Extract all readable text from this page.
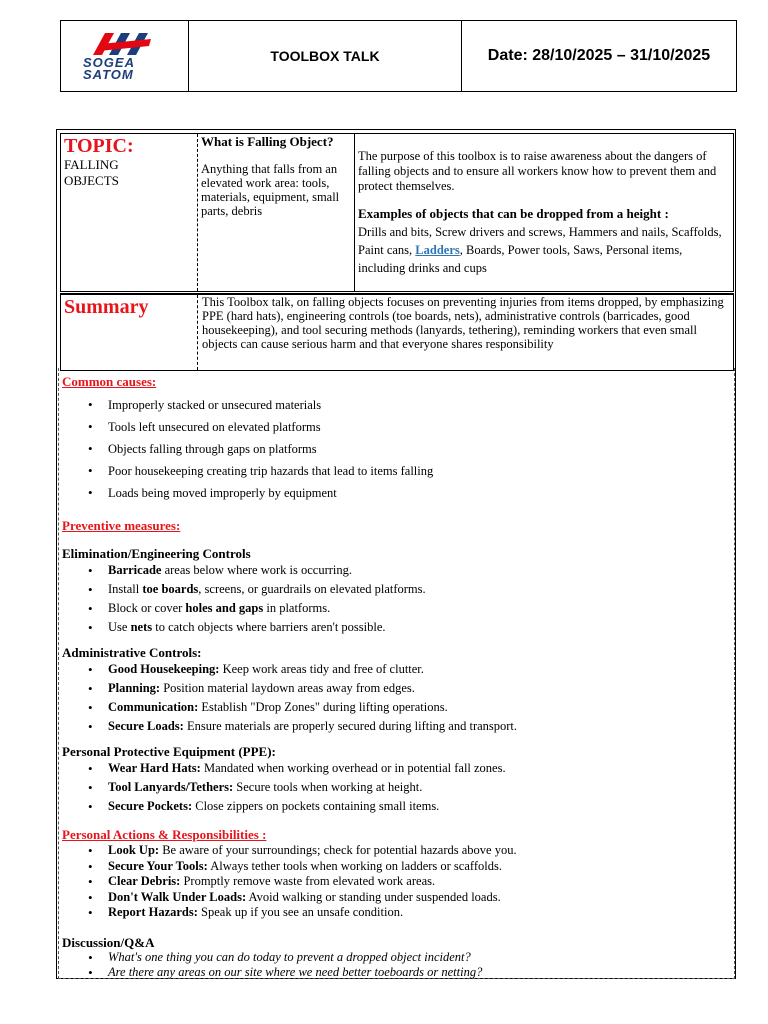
SOGEA
SATOM
TOOLBOX TALK	Date: 28/10/2025 – 31/10/2025
TOPIC:
FALLING
OBJECTS
What is Falling Object?
Anything that falls from an elevated work area: tools, materials, equipment, small parts, debris
The purpose of this toolbox is to raise awareness about the dangers of falling objects and to ensure all workers know how to prevent them and protect themselves.
Examples of objects that can be dropped from a height :
Drills and bits, Screw drivers and screws, Hammers and nails, Scaffolds, Paint cans, Ladders, Boards, Power tools, Saws, Personal items, including drinks and cups
Summary	This Toolbox talk, on falling objects focuses on preventing injuries from items dropped, by emphasizing PPE (hard hats), engineering controls (toe boards, nets), administrative controls (barricades, good housekeeping), and tool securing methods (lanyards, tethering), reminding workers that even small objects can cause serious harm and that everyone shares responsibility
Common causes:
• Improperly stacked or unsecured materials
• Tools left unsecured on elevated platforms
• Objects falling through gaps on platforms
• Poor housekeeping creating trip hazards that lead to items falling
• Loads being moved improperly by equipment
Preventive measures:
Elimination/Engineering Controls
• Barricade areas below where work is occurring.
• Install toe boards, screens, or guardrails on elevated platforms.
• Block or cover holes and gaps in platforms.
• Use nets to catch objects where barriers aren't possible.
Administrative Controls:
• Good Housekeeping: Keep work areas tidy and free of clutter.
• Planning: Position material laydown areas away from edges.
• Communication: Establish "Drop Zones" during lifting operations.
• Secure Loads: Ensure materials are properly secured during lifting and transport.
Personal Protective Equipment (PPE):
• Wear Hard Hats: Mandated when working overhead or in potential fall zones.
• Tool Lanyards/Tethers: Secure tools when working at height.
• Secure Pockets: Close zippers on pockets containing small items.
Personal Actions & Responsibilities :
• Look Up: Be aware of your surroundings; check for potential hazards above you.
• Secure Your Tools: Always tether tools when working on ladders or scaffolds.
• Clear Debris: Promptly remove waste from elevated work areas.
• Don't Walk Under Loads: Avoid walking or standing under suspended loads.
• Report Hazards: Speak up if you see an unsafe condition.
Discussion/Q&A
• What's one thing you can do today to prevent a dropped object incident?
• Are there any areas on our site where we need better toeboards or netting?
